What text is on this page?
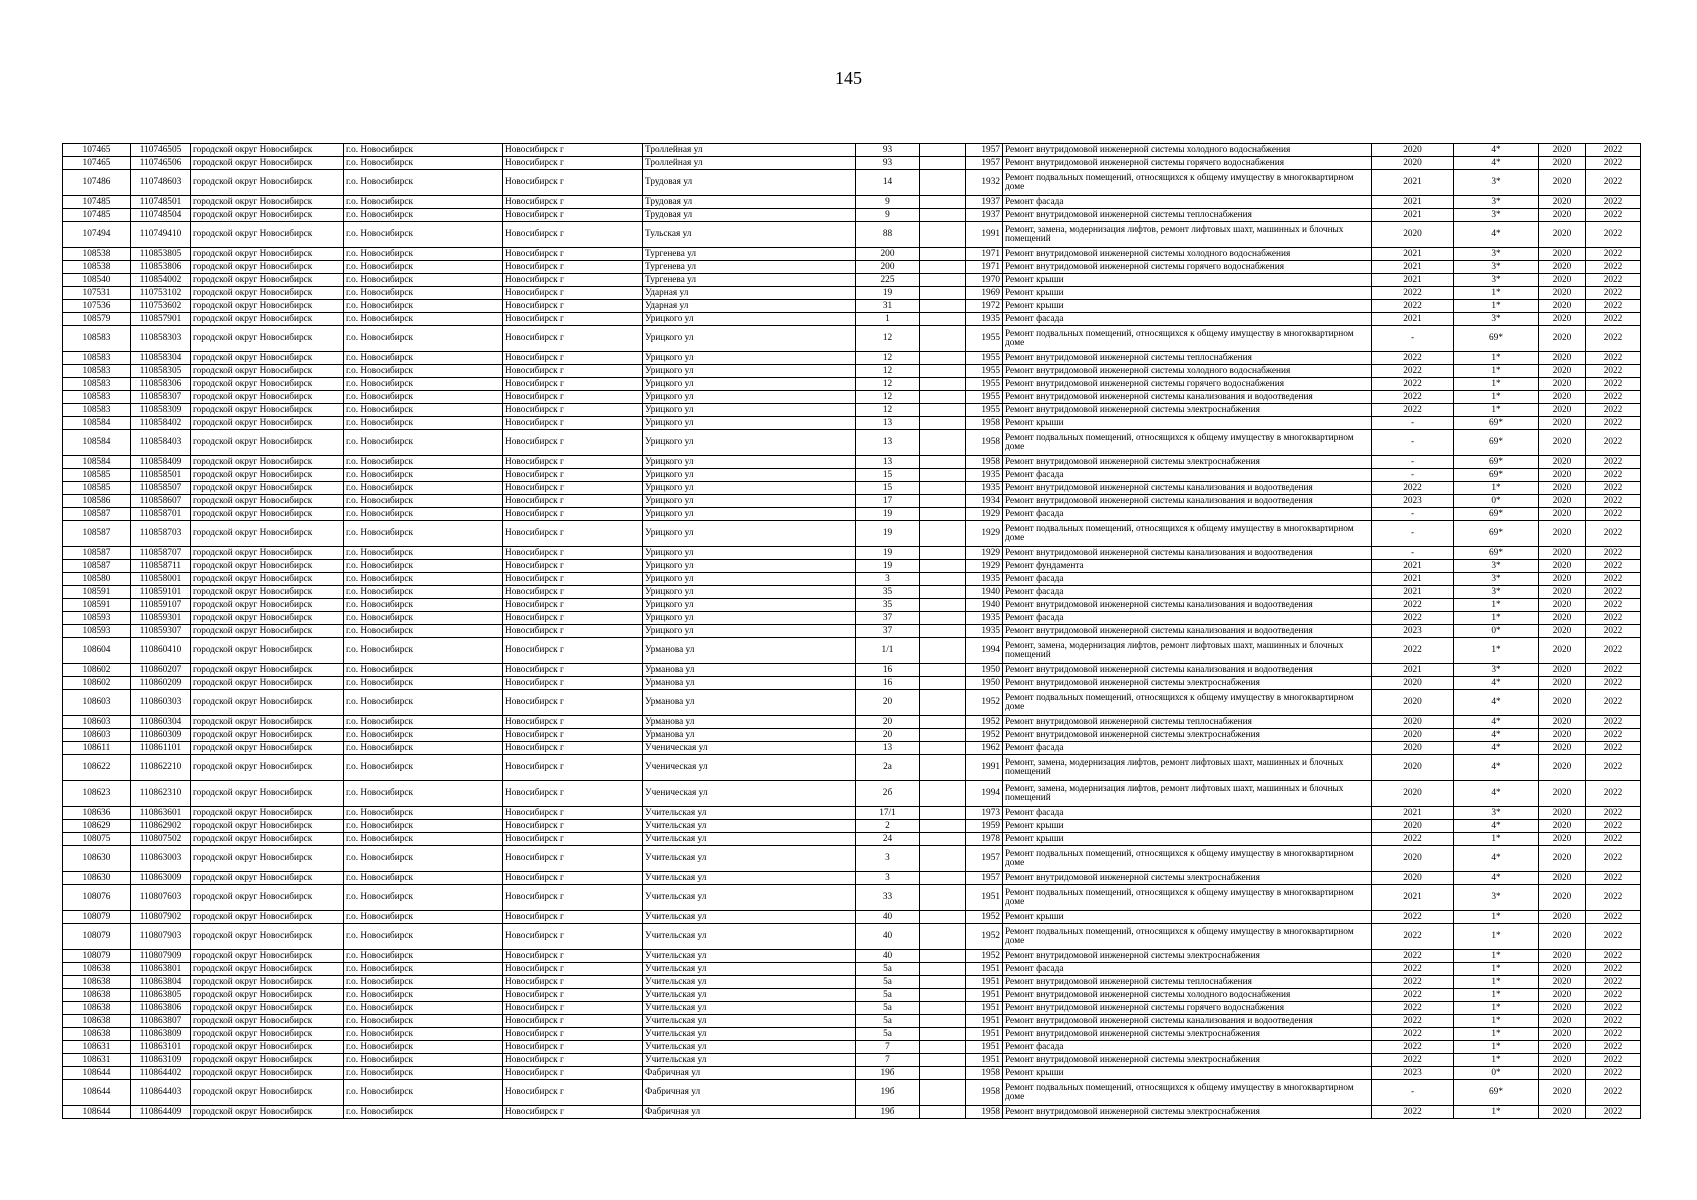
145
107465	110746505	городской округ Новосибирск	г.о. Новосибирск	Новосибирск г	Троллейная ул	93		1957	Ремонт внутридомовой инженерной системы холодного водоснабжения	2020	4*	2020	2022
107465	110746506	городской округ Новосибирск	г.о. Новосибирск	Новосибирск г	Троллейная ул	93		1957	Ремонт внутридомовой инженерной системы горячего водоснабжения	2020	4*	2020	2022
107486	110748603	городской округ Новосибирск	г.о. Новосибирск	Новосибирск г	Трудовая ул	14		1932	Ремонт подвальных помещений, относящихся к общему имуществу в многоквартирном доме	2021	3*	2020	2022
107485	110748501	городской округ Новосибирск	г.о. Новосибирск	Новосибирск г	Трудовая ул	9		1937	Ремонт фасада	2021	3*	2020	2022
107485	110748504	городской округ Новосибирск	г.о. Новосибирск	Новосибирск г	Трудовая ул	9		1937	Ремонт внутридомовой инженерной системы теплоснабжения	2021	3*	2020	2022
107494	110749410	городской округ Новосибирск	г.о. Новосибирск	Новосибирск г	Тульская ул	88		1991	Ремонт, замена, модернизация лифтов, ремонт лифтовых шахт, машинных и блочных помещений	2020	4*	2020	2022
108538	110853805	городской округ Новосибирск	г.о. Новосибирск	Новосибирск г	Тургенева ул	200		1971	Ремонт внутридомовой инженерной системы холодного водоснабжения	2021	3*	2020	2022
108538	110853806	городской округ Новосибирск	г.о. Новосибирск	Новосибирск г	Тургенева ул	200		1971	Ремонт внутридомовой инженерной системы горячего водоснабжения	2021	3*	2020	2022
108540	110854002	городской округ Новосибирск	г.о. Новосибирск	Новосибирск г	Тургенева ул	225		1970	Ремонт крыши	2021	3*	2020	2022
107531	110753102	городской округ Новосибирск	г.о. Новосибирск	Новосибирск г	Ударная ул	19		1969	Ремонт крыши	2022	1*	2020	2022
107536	110753602	городской округ Новосибирск	г.о. Новосибирск	Новосибирск г	Ударная ул	31		1972	Ремонт крыши	2022	1*	2020	2022
108579	110857901	городской округ Новосибирск	г.о. Новосибирск	Новосибирск г	Урицкого ул	1		1935	Ремонт фасада	2021	3*	2020	2022
108583	110858303	городской округ Новосибирск	г.о. Новосибирск	Новосибирск г	Урицкого ул	12		1955	Ремонт подвальных помещений, относящихся к общему имуществу в многоквартирном доме	-	69*	2020	2022
108583	110858304	городской округ Новосибирск	г.о. Новосибирск	Новосибирск г	Урицкого ул	12		1955	Ремонт внутридомовой инженерной системы теплоснабжения	2022	1*	2020	2022
108583	110858305	городской округ Новосибирск	г.о. Новосибирск	Новосибирск г	Урицкого ул	12		1955	Ремонт внутридомовой инженерной системы холодного водоснабжения	2022	1*	2020	2022
108583	110858306	городской округ Новосибирск	г.о. Новосибирск	Новосибирск г	Урицкого ул	12		1955	Ремонт внутридомовой инженерной системы горячего водоснабжения	2022	1*	2020	2022
108583	110858307	городской округ Новосибирск	г.о. Новосибирск	Новосибирск г	Урицкого ул	12		1955	Ремонт внутридомовой инженерной системы канализования и водоотведения	2022	1*	2020	2022
108583	110858309	городской округ Новосибирск	г.о. Новосибирск	Новосибирск г	Урицкого ул	12		1955	Ремонт внутридомовой инженерной системы электроснабжения	2022	1*	2020	2022
108584	110858402	городской округ Новосибирск	г.о. Новосибирск	Новосибирск г	Урицкого ул	13		1958	Ремонт крыши	-	69*	2020	2022
108584	110858403	городской округ Новосибирск	г.о. Новосибирск	Новосибирск г	Урицкого ул	13		1958	Ремонт подвальных помещений, относящихся к общему имуществу в многоквартирном доме	-	69*	2020	2022
108584	110858409	городской округ Новосибирск	г.о. Новосибирск	Новосибирск г	Урицкого ул	13		1958	Ремонт внутридомовой инженерной системы электроснабжения	-	69*	2020	2022
108585	110858501	городской округ Новосибирск	г.о. Новосибирск	Новосибирск г	Урицкого ул	15		1935	Ремонт фасада	-	69*	2020	2022
108585	110858507	городской округ Новосибирск	г.о. Новосибирск	Новосибирск г	Урицкого ул	15		1935	Ремонт внутридомовой инженерной системы канализования и водоотведения	2022	1*	2020	2022
108586	110858607	городской округ Новосибирск	г.о. Новосибирск	Новосибирск г	Урицкого ул	17		1934	Ремонт внутридомовой инженерной системы канализования и водоотведения	2023	0*	2020	2022
108587	110858701	городской округ Новосибирск	г.о. Новосибирск	Новосибирск г	Урицкого ул	19		1929	Ремонт фасада	-	69*	2020	2022
108587	110858703	городской округ Новосибирск	г.о. Новосибирск	Новосибирск г	Урицкого ул	19		1929	Ремонт подвальных помещений, относящихся к общему имуществу в многоквартирном доме	-	69*	2020	2022
108587	110858707	городской округ Новосибирск	г.о. Новосибирск	Новосибирск г	Урицкого ул	19		1929	Ремонт внутридомовой инженерной системы канализования и водоотведения	-	69*	2020	2022
108587	110858711	городской округ Новосибирск	г.о. Новосибирск	Новосибирск г	Урицкого ул	19		1929	Ремонт фундамента	2021	3*	2020	2022
108580	110858001	городской округ Новосибирск	г.о. Новосибирск	Новосибирск г	Урицкого ул	3		1935	Ремонт фасада	2021	3*	2020	2022
108591	110859101	городской округ Новосибирск	г.о. Новосибирск	Новосибирск г	Урицкого ул	35		1940	Ремонт фасада	2021	3*	2020	2022
108591	110859107	городской округ Новосибирск	г.о. Новосибирск	Новосибирск г	Урицкого ул	35		1940	Ремонт внутридомовой инженерной системы канализования и водоотведения	2022	1*	2020	2022
108593	110859301	городской округ Новосибирск	г.о. Новосибирск	Новосибирск г	Урицкого ул	37		1935	Ремонт фасада	2022	1*	2020	2022
108593	110859307	городской округ Новосибирск	г.о. Новосибирск	Новосибирск г	Урицкого ул	37		1935	Ремонт внутридомовой инженерной системы канализования и водоотведения	2023	0*	2020	2022
108604	110860410	городской округ Новосибирск	г.о. Новосибирск	Новосибирск г	Урманова ул	1/1		1994	Ремонт, замена, модернизация лифтов, ремонт лифтовых шахт, машинных и блочных помещений	2022	1*	2020	2022
108602	110860207	городской округ Новосибирск	г.о. Новосибирск	Новосибирск г	Урманова ул	16		1950	Ремонт внутридомовой инженерной системы канализования и водоотведения	2021	3*	2020	2022
108602	110860209	городской округ Новосибирск	г.о. Новосибирск	Новосибирск г	Урманова ул	16		1950	Ремонт внутридомовой инженерной системы электроснабжения	2020	4*	2020	2022
108603	110860303	городской округ Новосибирск	г.о. Новосибирск	Новосибирск г	Урманова ул	20		1952	Ремонт подвальных помещений, относящихся к общему имуществу в многоквартирном доме	2020	4*	2020	2022
108603	110860304	городской округ Новосибирск	г.о. Новосибирск	Новосибирск г	Урманова ул	20		1952	Ремонт внутридомовой инженерной системы теплоснабжения	2020	4*	2020	2022
108603	110860309	городской округ Новосибирск	г.о. Новосибирск	Новосибирск г	Урманова ул	20		1952	Ремонт внутридомовой инженерной системы электроснабжения	2020	4*	2020	2022
108611	110861101	городской округ Новосибирск	г.о. Новосибирск	Новосибирск г	Ученическая ул	13		1962	Ремонт фасада	2020	4*	2020	2022
108622	110862210	городской округ Новосибирск	г.о. Новосибирск	Новосибирск г	Ученическая ул	2а		1991	Ремонт, замена, модернизация лифтов, ремонт лифтовых шахт, машинных и блочных помещений	2020	4*	2020	2022
108623	110862310	городской округ Новосибирск	г.о. Новосибирск	Новосибирск г	Ученическая ул	2б		1994	Ремонт, замена, модернизация лифтов, ремонт лифтовых шахт, машинных и блочных помещений	2020	4*	2020	2022
108636	110863601	городской округ Новосибирск	г.о. Новосибирск	Новосибирск г	Учительская ул	17/1		1973	Ремонт фасада	2021	3*	2020	2022
108629	110862902	городской округ Новосибирск	г.о. Новосибирск	Новосибирск г	Учительская ул	2		1959	Ремонт крыши	2020	4*	2020	2022
108075	110807502	городской округ Новосибирск	г.о. Новосибирск	Новосибирск г	Учительская ул	24		1978	Ремонт крыши	2022	1*	2020	2022
108630	110863003	городской округ Новосибирск	г.о. Новосибирск	Новосибирск г	Учительская ул	3		1957	Ремонт подвальных помещений, относящихся к общему имуществу в многоквартирном доме	2020	4*	2020	2022
108630	110863009	городской округ Новосибирск	г.о. Новосибирск	Новосибирск г	Учительская ул	3		1957	Ремонт внутридомовой инженерной системы электроснабжения	2020	4*	2020	2022
108076	110807603	городской округ Новосибирск	г.о. Новосибирск	Новосибирск г	Учительская ул	33		1951	Ремонт подвальных помещений, относящихся к общему имуществу в многоквартирном доме	2021	3*	2020	2022
108079	110807902	городской округ Новосибирск	г.о. Новосибирск	Новосибирск г	Учительская ул	40		1952	Ремонт крыши	2022	1*	2020	2022
108079	110807903	городской округ Новосибирск	г.о. Новосибирск	Новосибирск г	Учительская ул	40		1952	Ремонт подвальных помещений, относящихся к общему имуществу в многоквартирном доме	2022	1*	2020	2022
108079	110807909	городской округ Новосибирск	г.о. Новосибирск	Новосибирск г	Учительская ул	40		1952	Ремонт внутридомовой инженерной системы электроснабжения	2022	1*	2020	2022
108638	110863801	городской округ Новосибирск	г.о. Новосибирск	Новосибирск г	Учительская ул	5а		1951	Ремонт фасада	2022	1*	2020	2022
108638	110863804	городской округ Новосибирск	г.о. Новосибирск	Новосибирск г	Учительская ул	5а		1951	Ремонт внутридомовой инженерной системы теплоснабжения	2022	1*	2020	2022
108638	110863805	городской округ Новосибирск	г.о. Новосибирск	Новосибирск г	Учительская ул	5а		1951	Ремонт внутридомовой инженерной системы холодного водоснабжения	2022	1*	2020	2022
108638	110863806	городской округ Новосибирск	г.о. Новосибирск	Новосибирск г	Учительская ул	5а		1951	Ремонт внутридомовой инженерной системы горячего водоснабжения	2022	1*	2020	2022
108638	110863807	городской округ Новосибирск	г.о. Новосибирск	Новосибирск г	Учительская ул	5а		1951	Ремонт внутридомовой инженерной системы канализования и водоотведения	2022	1*	2020	2022
108638	110863809	городской округ Новосибирск	г.о. Новосибирск	Новосибирск г	Учительская ул	5а		1951	Ремонт внутридомовой инженерной системы электроснабжения	2022	1*	2020	2022
108631	110863101	городской округ Новосибирск	г.о. Новосибирск	Новосибирск г	Учительская ул	7		1951	Ремонт фасада	2022	1*	2020	2022
108631	110863109	городской округ Новосибирск	г.о. Новосибирск	Новосибирск г	Учительская ул	7		1951	Ремонт внутридомовой инженерной системы электроснабжения	2022	1*	2020	2022
108644	110864402	городской округ Новосибирск	г.о. Новосибирск	Новосибирск г	Фабричная ул	19б		1958	Ремонт крыши	2023	0*	2020	2022
108644	110864403	городской округ Новосибирск	г.о. Новосибирск	Новосибирск г	Фабричная ул	19б		1958	Ремонт подвальных помещений, относящихся к общему имуществу в многоквартирном доме	-	69*	2020	2022
108644	110864409	городской округ Новосибирск	г.о. Новосибирск	Новосибирск г	Фабричная ул	19б		1958	Ремонт внутридомовой инженерной системы электроснабжения	2022	1*	2020	2022
